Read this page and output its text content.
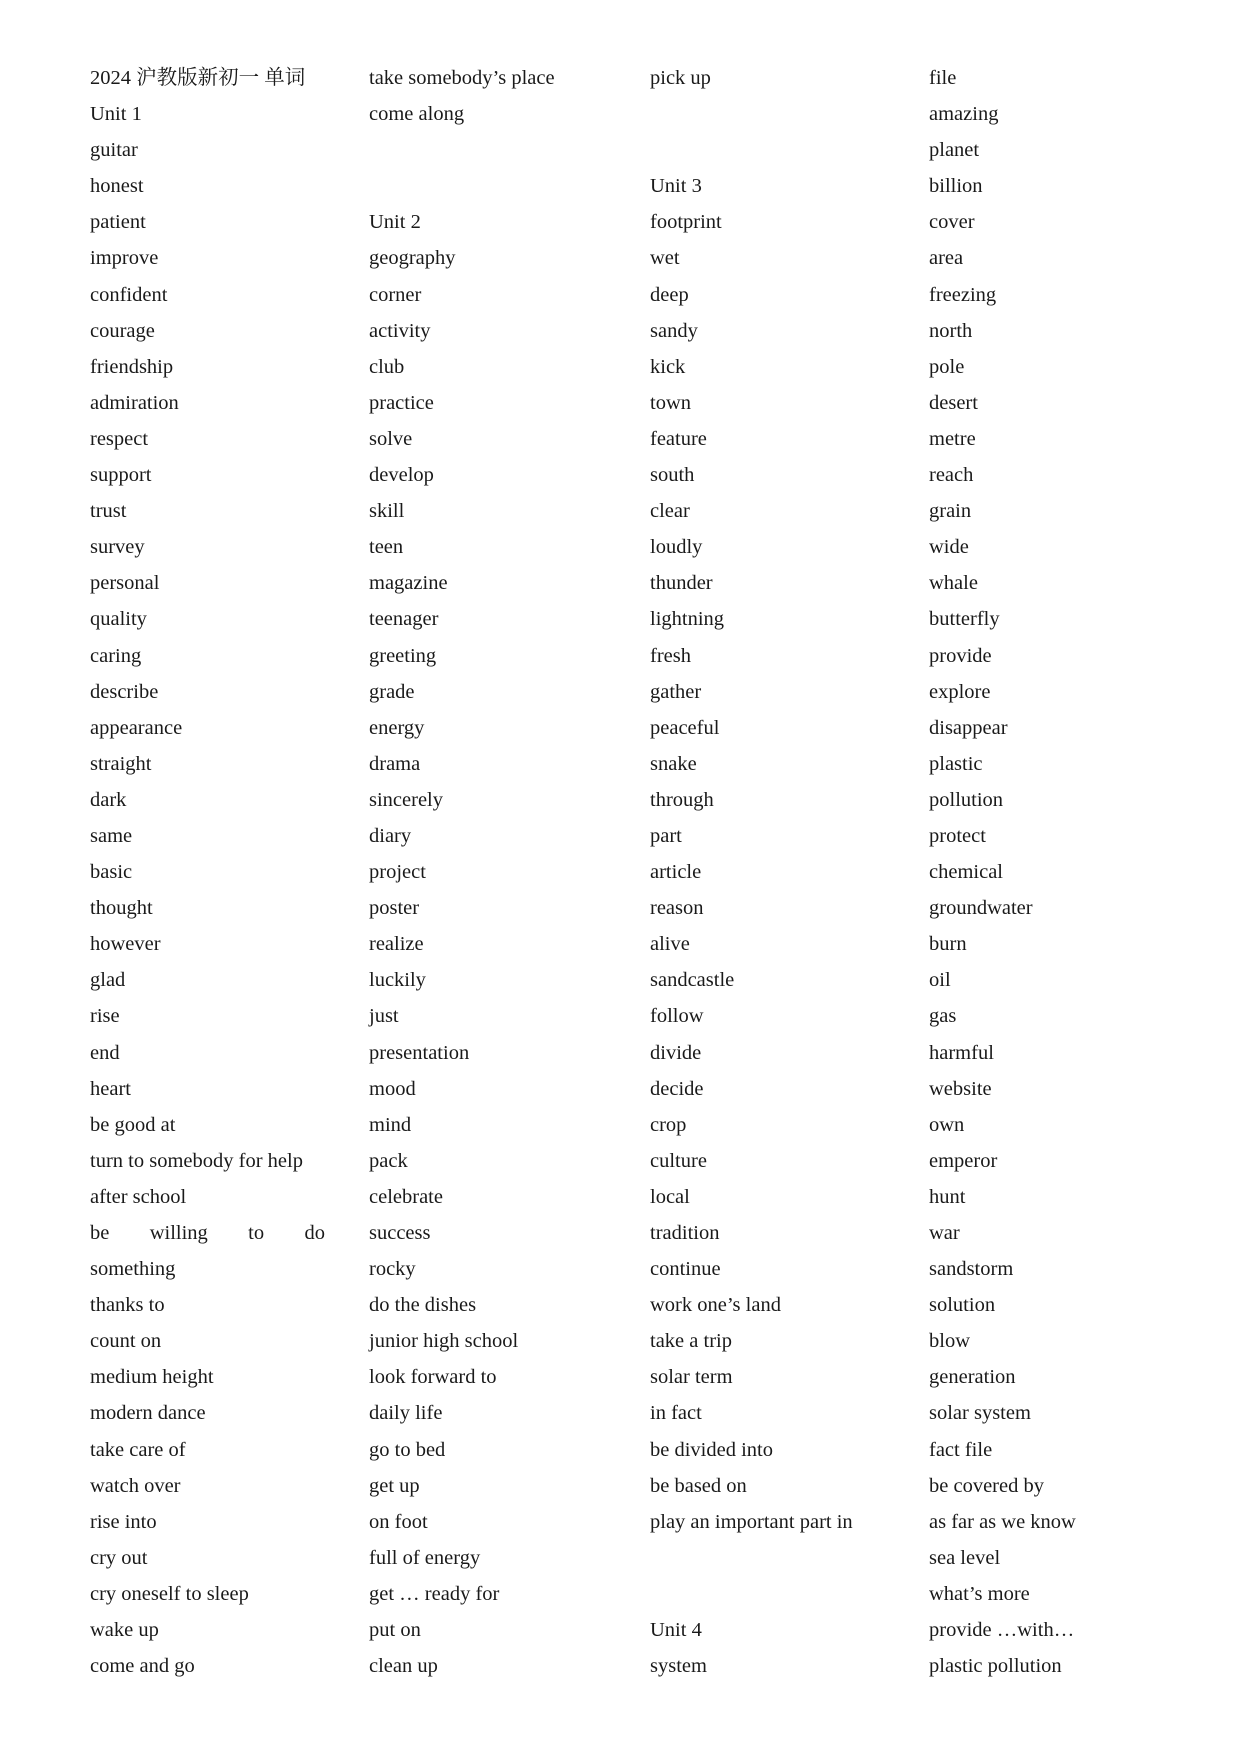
2024 沪教版新初一 单词
Unit 1
guitar
honest
patient
improve
confident
courage
friendship
admiration
respect
support
trust
survey
personal
quality
caring
describe
appearance
straight
dark
same
basic
thought
however
glad
rise
end
heart
be good at
turn to somebody for help
after school
be willing to do
something
thanks to
count on
medium height
modern dance
take care of
watch over
rise into
cry out
cry oneself to sleep
wake up
come and go
take somebody’s place
come along
Unit 2
geography
corner
activity
club
practice
solve
develop
skill
teen
magazine
teenager
greeting
grade
energy
drama
sincerely
diary
project
poster
realize
luckily
just
presentation
mood
mind
pack
celebrate
success
rocky
do the dishes
junior high school
look forward to
daily life
go to bed
get up
on foot
full of energy
get … ready for
put on
clean up
pick up
Unit 3
footprint
wet
deep
sandy
kick
town
feature
south
clear
loudly
thunder
lightning
fresh
gather
peaceful
snake
through
part
article
reason
alive
sandcastle
follow
divide
decide
crop
culture
local
tradition
continue
work one’s land
take a trip
solar term
in fact
be divided into
be based on
play an important part in
Unit 4
system
file
amazing
planet
billion
cover
area
freezing
north
pole
desert
metre
reach
grain
wide
whale
butterfly
provide
explore
disappear
plastic
pollution
protect
chemical
groundwater
burn
oil
gas
harmful
website
own
emperor
hunt
war
sandstorm
solution
blow
generation
solar system
fact file
be covered by
as far as we know
sea level
what’s more
provide …with…
plastic pollution
